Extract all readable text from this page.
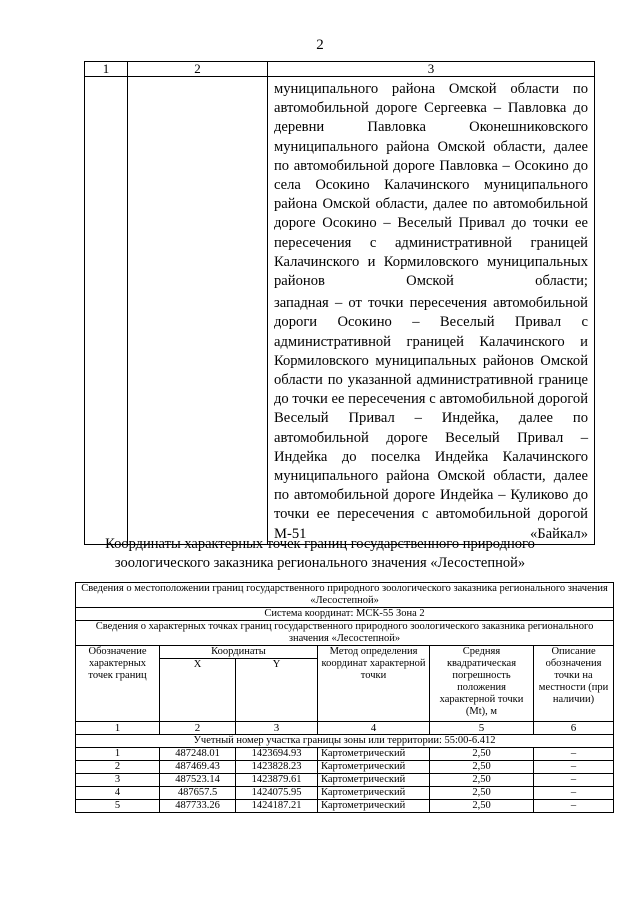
2
1	2	3

		муниципального района Омской области по автомобильной дороге Сергеевка – Павловка до деревни Павловка Оконешниковского муниципального района Омской области, далее по автомобильной дороге Павловка – Осокино до села Осокино Калачинского муниципального района Омской области, далее по автомобильной дороге Осокино – Веселый Привал до точки ее пересечения с административной границей Калачинского и Кормиловского муниципальных районов Омской области;
западная – от точки пересечения автомобильной дороги Осокино – Веселый Привал с административной границей Калачинского и Кормиловского муниципальных районов Омской области по указанной административной границе до точки ее пересечения с автомобильной дорогой Веселый Привал – Индейка, далее по автомобильной дороге Веселый Привал – Индейка до поселка Индейка Калачинского муниципального района Омской области, далее по автомобильной дороге Индейка – Куликово до точки ее пересечения с автомобильной дорогой М-51 «Байкал»
Координаты характерных точек границ государственного природного
зоологического заказника регионального значения «Лесостепной»
Сведения о местоположении границ государственного природного зоологического заказника регионального значения «Лесостепной»					
Система координат: МСК-55 Зона 2					
Сведения о характерных точках границ государственного природного зоологического заказника регионального значения «Лесостепной»					
Обозначение характерных точек границ	Координаты		Метод определения координат характерной точки	Средняя квадратическая погрешность положения характерной точки (Mt), м	Описание обозначения точки на местности (при наличии)
	X	Y			
1	2	3	4	5	6
Учетный номер участка границы зоны или территории: 55:00-6.412					
1	487248.01	1423694.93	Картометрический	2,50	–
2	487469.43	1423828.23	Картометрический	2,50	–
3	487523.14	1423879.61	Картометрический	2,50	–
4	487657.5	1424075.95	Картометрический	2,50	–
5	487733.26	1424187.21	Картометрический	2,50	–
